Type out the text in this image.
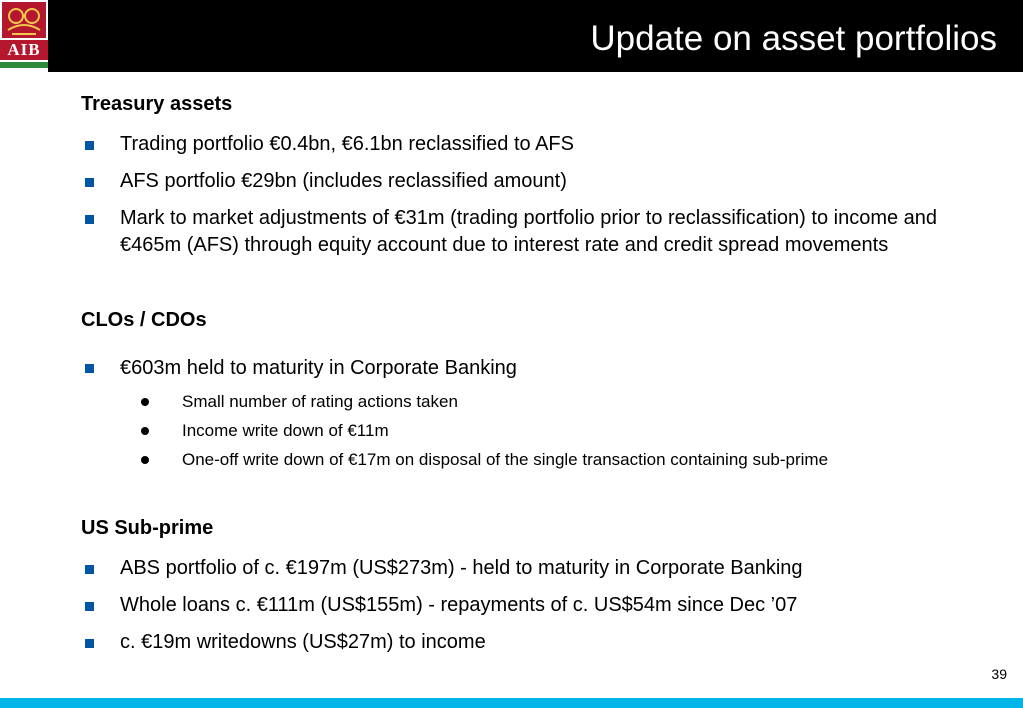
AIB	Update on asset portfolios
Treasury assets
Trading portfolio €0.4bn, €6.1bn reclassified to AFS
AFS portfolio €29bn (includes reclassified amount)
Mark to market adjustments of €31m (trading portfolio prior to reclassification) to income and €465m (AFS) through equity account due to interest rate and credit spread movements
CLOs / CDOs
€603m held to maturity in Corporate Banking
Small number of rating actions taken
Income write down of €11m
One-off write down of €17m on disposal of the single transaction containing sub-prime
US Sub-prime
ABS portfolio of c. €197m (US$273m) - held to maturity in Corporate Banking
Whole loans c. €111m (US$155m) - repayments of c. US$54m since Dec ’07
c. €19m writedowns (US$27m) to income
39
